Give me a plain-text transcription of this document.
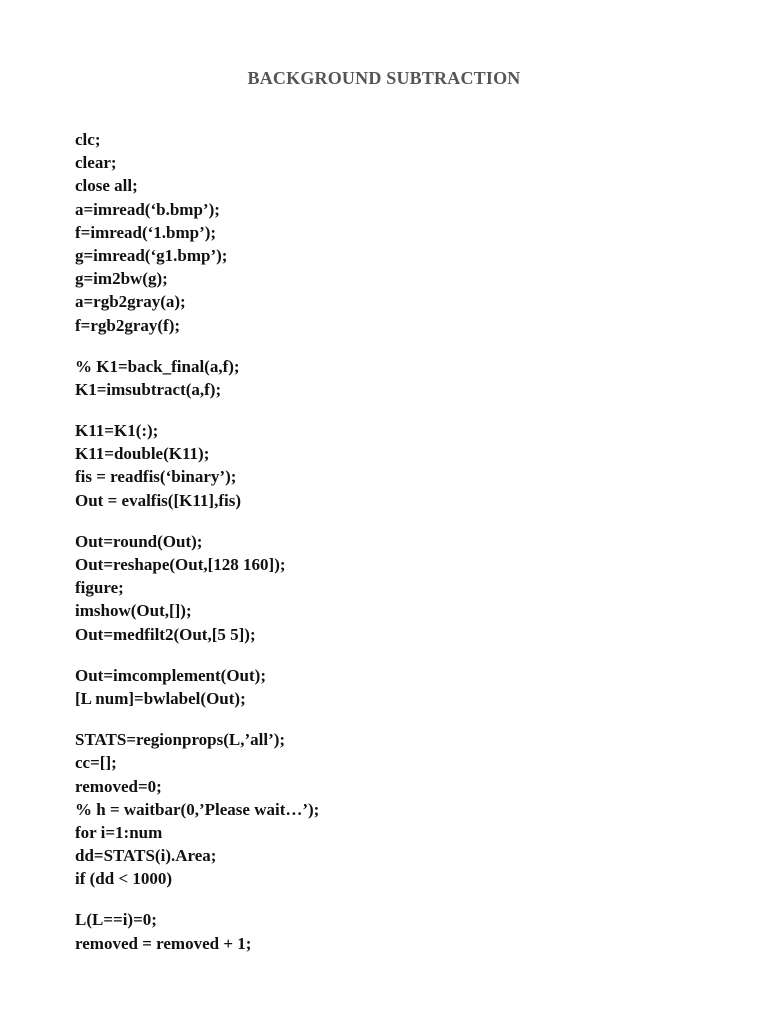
BACKGROUND SUBTRACTION
clc;
clear;
close all;
a=imread(‘b.bmp’);
f=imread(‘1.bmp’);
g=imread(‘g1.bmp’);
g=im2bw(g);
a=rgb2gray(a);
f=rgb2gray(f);
% K1=back_final(a,f);
K1=imsubtract(a,f);
K11=K1(:);
K11=double(K11);
fis = readfis(‘binary’);
Out = evalfis([K11],fis)
Out=round(Out);
Out=reshape(Out,[128 160]);
figure;
imshow(Out,[]);
Out=medfilt2(Out,[5 5]);
Out=imcomplement(Out);
[L num]=bwlabel(Out);
STATS=regionprops(L,’all’);
cc=[];
removed=0;
% h = waitbar(0,’Please wait…’);
for i=1:num
dd=STATS(i).Area;
if (dd < 1000)
L(L==i)=0;
removed = removed + 1;
